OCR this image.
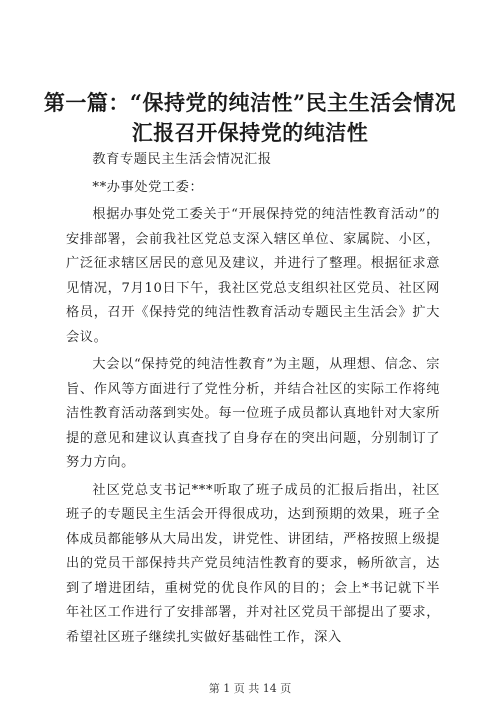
第一篇：“保持党的纯洁性”民主生活会情况
汇报召开保持党的纯洁性

教育专题民主生活会情况汇报

**办事处党工委：

根据办事处党工委关于“开展保持党的纯洁性教育活动”的安排部署，会前我社区党总支深入辖区单位、家属院、小区，广泛征求辖区居民的意见及建议，并进行了整理。根据征求意见情况，7月10日下午，我社区党总支组织社区党员、社区网格员，召开《保持党的纯洁性教育活动专题民主生活会》扩大会议。

大会以“保持党的纯洁性教育”为主题，从理想、信念、宗旨、作风等方面进行了党性分析，并结合社区的实际工作将纯洁性教育活动落到实处。每一位班子成员都认真地针对大家所提的意见和建议认真查找了自身存在的突出问题，分别制订了努力方向。

社区党总支书记***听取了班子成员的汇报后指出，社区班子的专题民主生活会开得很成功，达到预期的效果，班子全体成员都能够从大局出发，讲党性、讲团结，严格按照上级提出的党员干部保持共产党员纯洁性教育的要求，畅所欲言，达到了增进团结，重树党的优良作风的目的；会上*书记就下半年社区工作进行了安排部署，并对社区党员干部提出了要求，希望社区班子继续扎实做好基础性工作，深入

第 1 页 共 14 页
